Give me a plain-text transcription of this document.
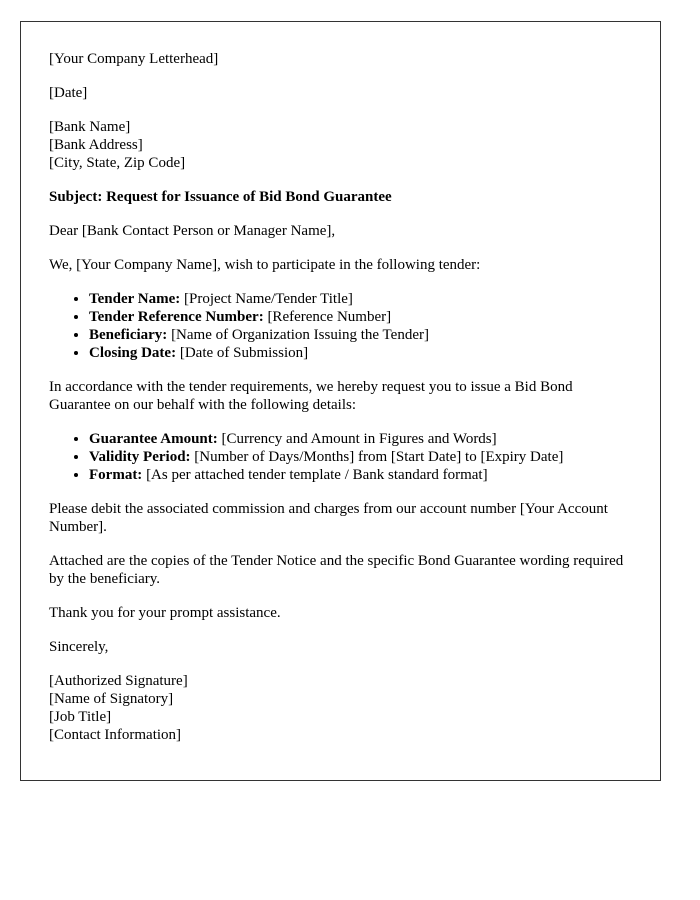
[Your Company Letterhead]

[Date]

[Bank Name]
[Bank Address]
[City, State, Zip Code]

Subject: Request for Issuance of Bid Bond Guarantee

Dear [Bank Contact Person or Manager Name],

We, [Your Company Name], wish to participate in the following tender:

• Tender Name: [Project Name/Tender Title]
• Tender Reference Number: [Reference Number]
• Beneficiary: [Name of Organization Issuing the Tender]
• Closing Date: [Date of Submission]

In accordance with the tender requirements, we hereby request you to issue a Bid Bond Guarantee on our behalf with the following details:

• Guarantee Amount: [Currency and Amount in Figures and Words]
• Validity Period: [Number of Days/Months] from [Start Date] to [Expiry Date]
• Format: [As per attached tender template / Bank standard format]

Please debit the associated commission and charges from our account number [Your Account Number].

Attached are the copies of the Tender Notice and the specific Bond Guarantee wording required by the beneficiary.

Thank you for your prompt assistance.

Sincerely,

[Authorized Signature]
[Name of Signatory]
[Job Title]
[Contact Information]
